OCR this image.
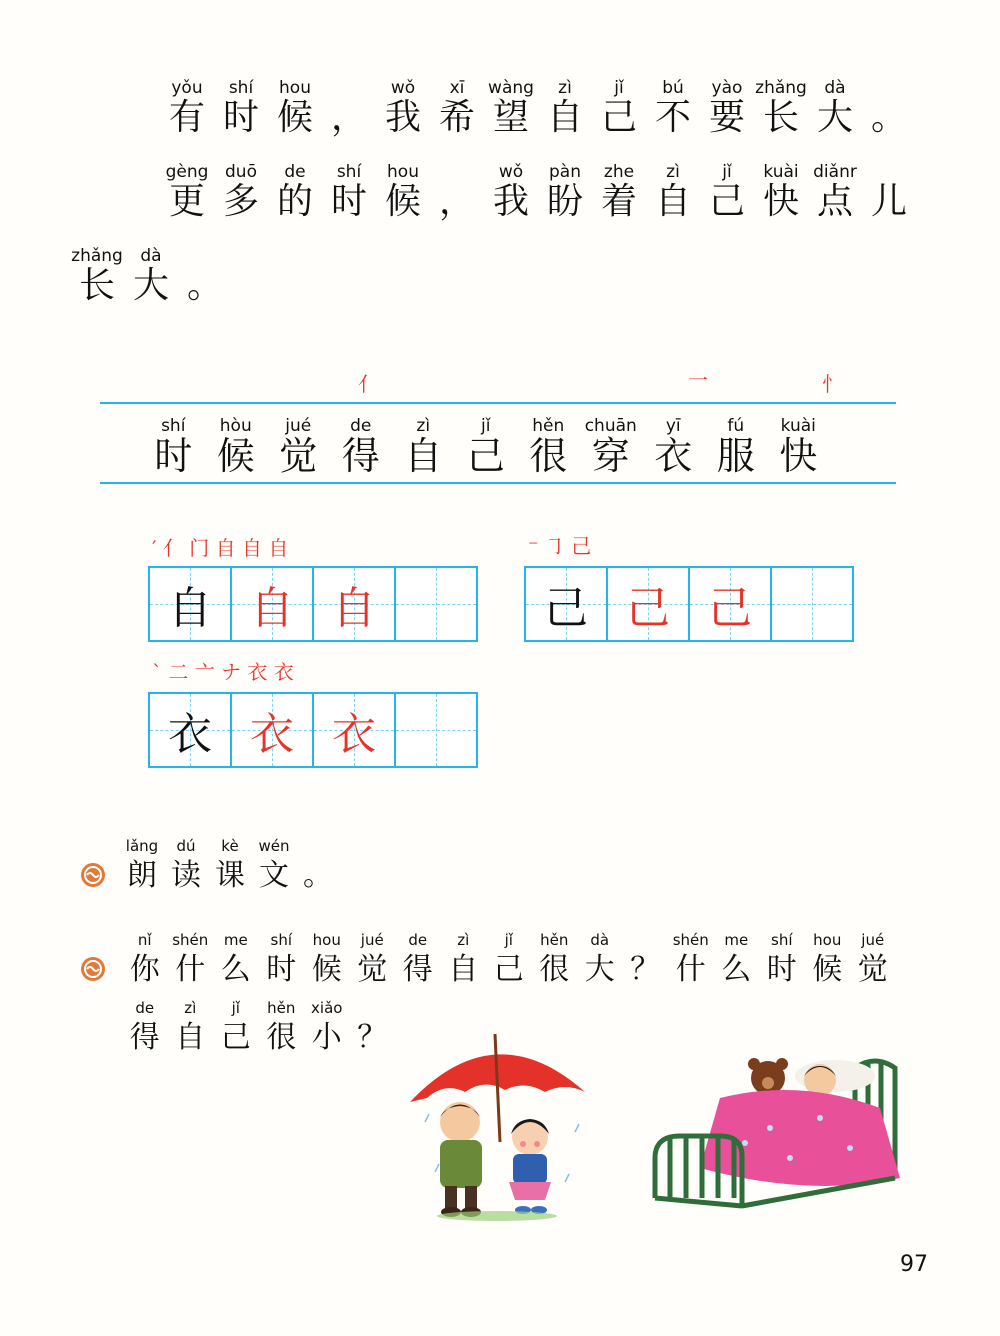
yǒu
有
shí
时
hou
候
，
wǒ
我
xī
希
wàng
望
zì
自
jǐ
己
bú
不
yào
要
zhǎng
长
dà
大
。
gèng
更
duō
多
de
的
shí
时
hou
候
，
wǒ
我
pàn
盼
zhe
着
zì
自
jǐ
己
kuài
快
diǎnr
点
儿
zhǎng
长
dà
大
。
shí
时
hòu
候
jué
觉
de
得
zì
自
jǐ
己
hěn
很
chuān
穿
yī
衣
fú
服
kuài
快
亻	一	忄
′ 亻 门 自 自 自
自 自 自
⁻ ㇆ 己
己 己 己
` 二 亠 ナ 衣 衣
衣 衣 衣
lǎng
朗
dú
读
kè
课
wén
文
。
nǐ
你
shén
什
me
么
shí
时
hou
候
jué
觉
de
得
zì
自
jǐ
己
hěn
很
dà
大
？
shén
什
me
么
shí
时
hou
候
jué
觉
de
得
zì
自
jǐ
己
hěn
很
xiǎo
小
？
97
